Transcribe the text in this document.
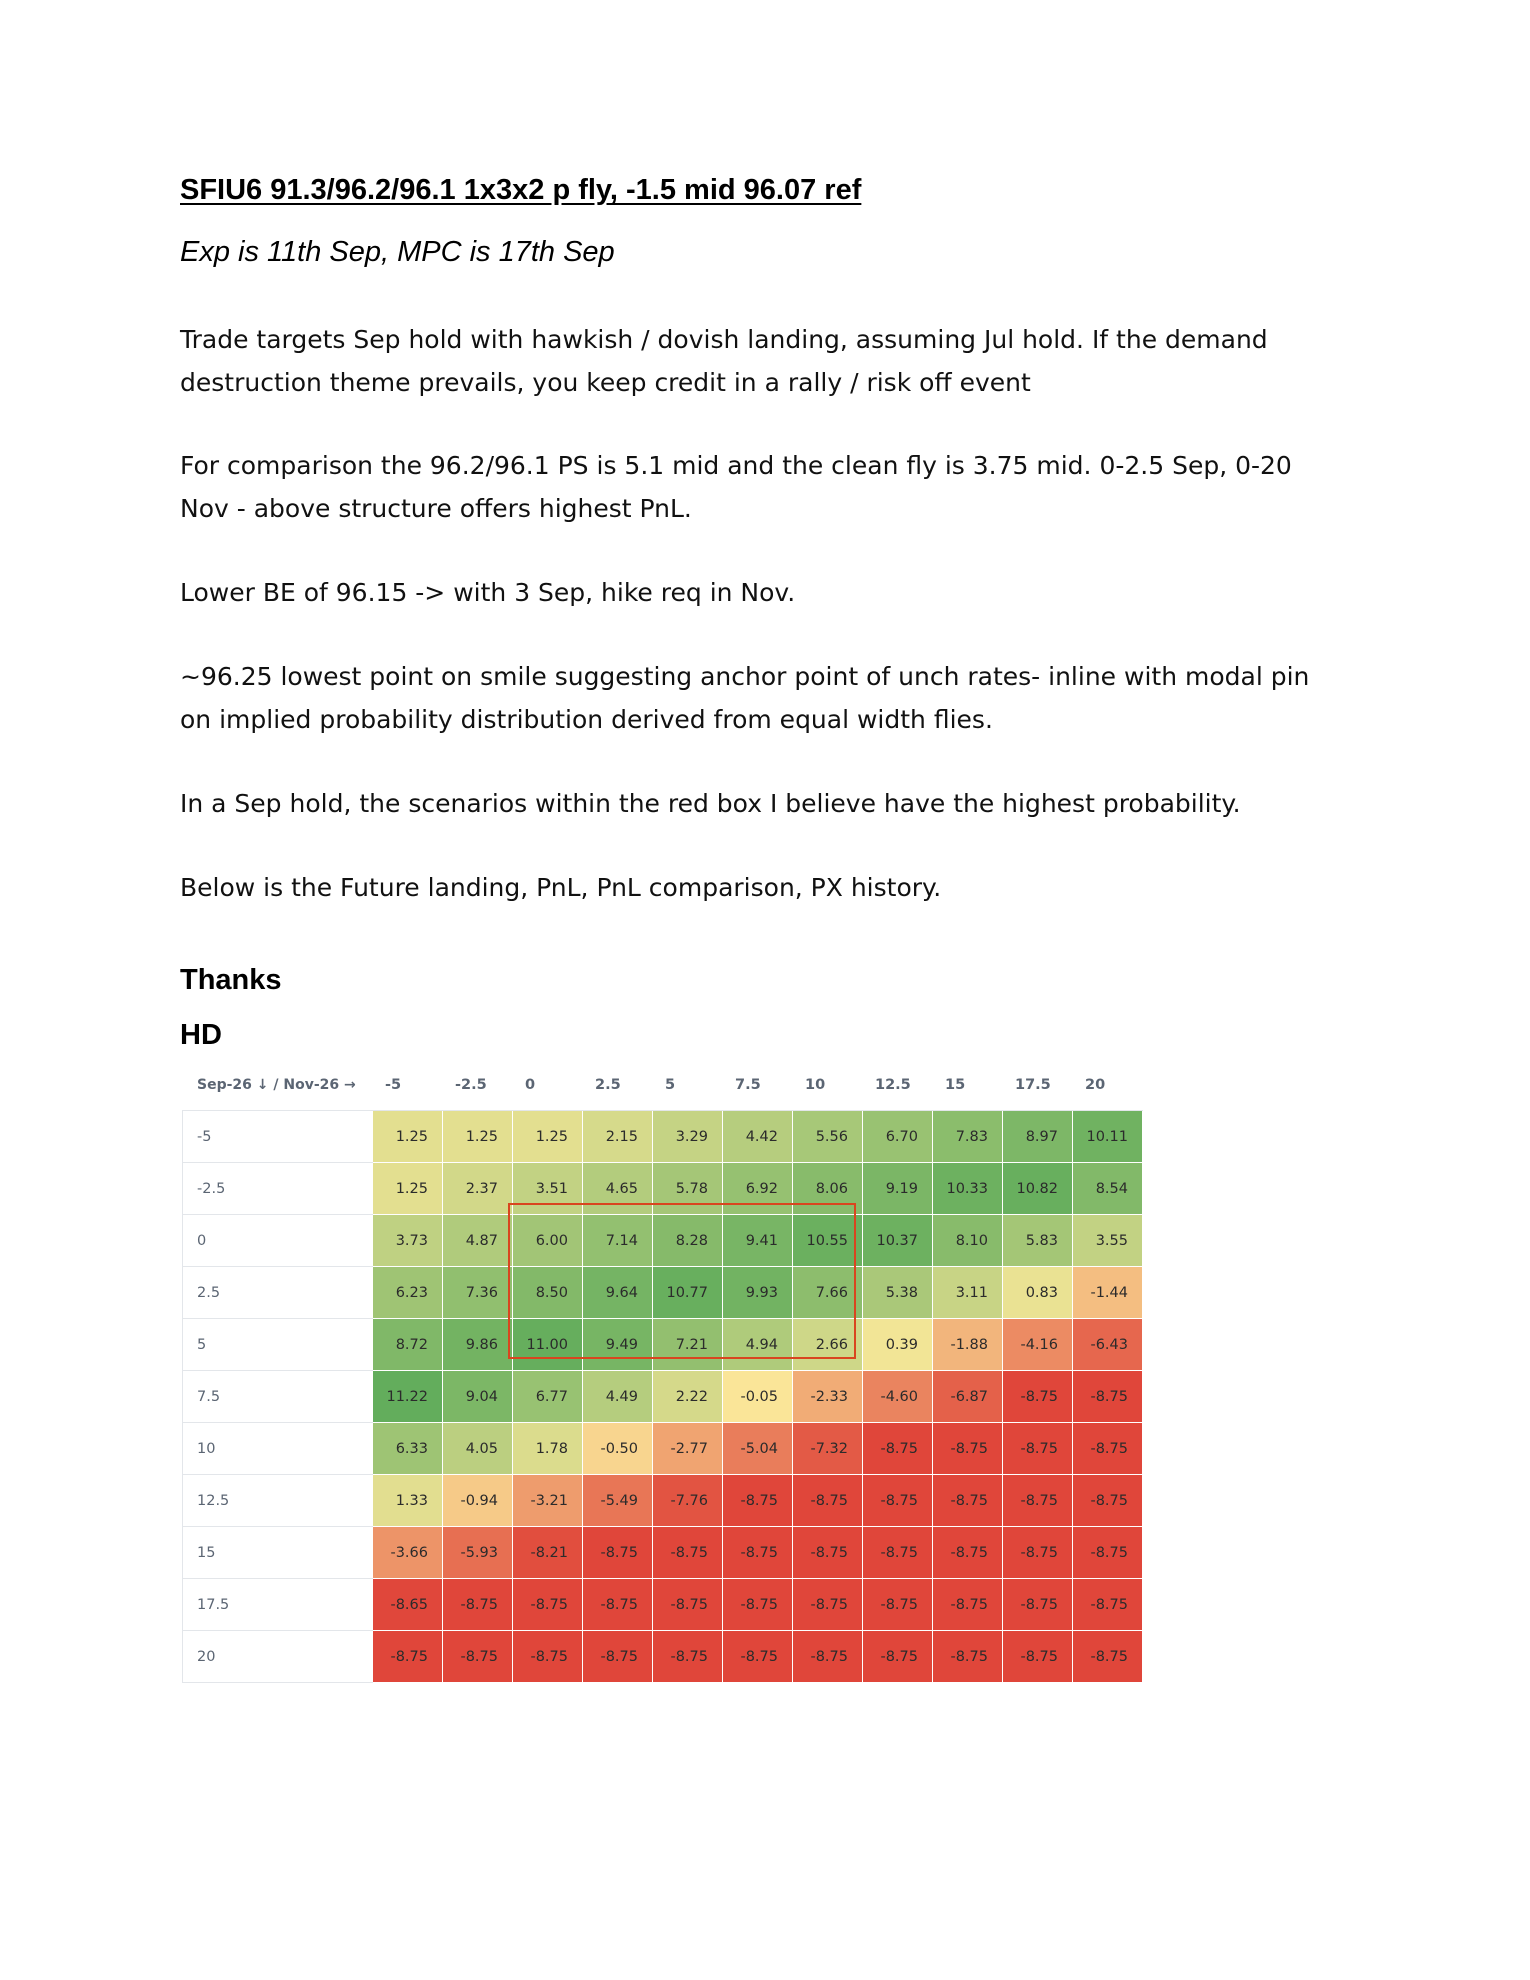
SFIU6 91.3/96.2/96.1 1x3x2 p fly, -1.5 mid 96.07 ref
Exp is 11th Sep, MPC is 17th Sep
Trade targets Sep hold with hawkish / dovish landing, assuming Jul hold. If the demand destruction theme prevails, you keep credit in a rally / risk off event
For comparison the 96.2/96.1 PS is 5.1 mid and the clean fly is 3.75 mid. 0-2.5 Sep, 0-20 Nov - above structure offers highest PnL.
Lower BE of 96.15 -> with 3 Sep, hike req in Nov.
~96.25 lowest point on smile suggesting anchor point of unch rates- inline with modal pin on implied probability distribution derived from equal width flies.
In a Sep hold, the scenarios within the red box I believe have the highest probability.
Below is the Future landing, PnL, PnL comparison, PX history.
Thanks
HD
Sep-26 ↓ / Nov-26 →	-5	-2.5	0	2.5	5	7.5	10	12.5	15	17.5	20
-5	1.25	1.25	1.25	2.15	3.29	4.42	5.56	6.70	7.83	8.97	10.11
-2.5	1.25	2.37	3.51	4.65	5.78	6.92	8.06	9.19	10.33	10.82	8.54
0	3.73	4.87	6.00	7.14	8.28	9.41	10.55	10.37	8.10	5.83	3.55
2.5	6.23	7.36	8.50	9.64	10.77	9.93	7.66	5.38	3.11	0.83	-1.44
5	8.72	9.86	11.00	9.49	7.21	4.94	2.66	0.39	-1.88	-4.16	-6.43
7.5	11.22	9.04	6.77	4.49	2.22	-0.05	-2.33	-4.60	-6.87	-8.75	-8.75
10	6.33	4.05	1.78	-0.50	-2.77	-5.04	-7.32	-8.75	-8.75	-8.75	-8.75
12.5	1.33	-0.94	-3.21	-5.49	-7.76	-8.75	-8.75	-8.75	-8.75	-8.75	-8.75
15	-3.66	-5.93	-8.21	-8.75	-8.75	-8.75	-8.75	-8.75	-8.75	-8.75	-8.75
17.5	-8.65	-8.75	-8.75	-8.75	-8.75	-8.75	-8.75	-8.75	-8.75	-8.75	-8.75
20	-8.75	-8.75	-8.75	-8.75	-8.75	-8.75	-8.75	-8.75	-8.75	-8.75	-8.75
